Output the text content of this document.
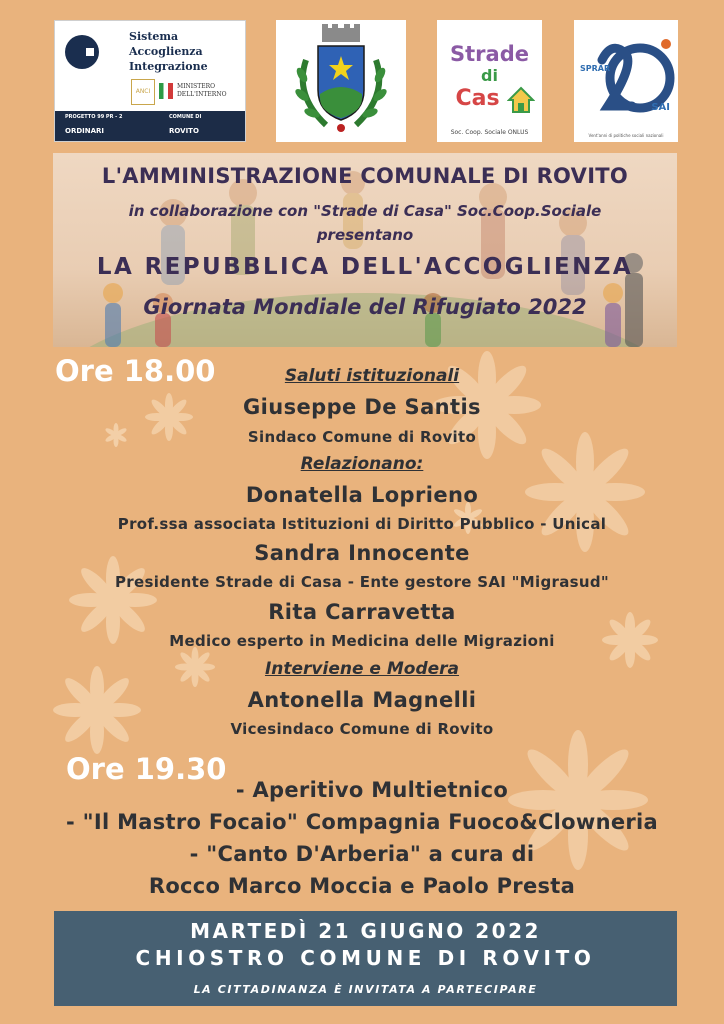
Sistema
Accoglienza
Integrazione
ANCI
MINISTERO
DELL'INTERNO
PROGETTO 99 PR - 2	COMUNE DI
ORDINARI	ROVITO
Strade
di
Cas
Soc. Coop. Sociale ONLUS
SPRAR
SAI
Vent'anni di politiche sociali nazionali
L'AMMINISTRAZIONE COMUNALE DI ROVITO
in collaborazione con "Strade di Casa" Soc.Coop.Sociale
presentano
LA REPUBBLICA DELL'ACCOGLIENZA
Giornata Mondiale del Rifugiato 2022
Ore 18.00	Saluti istituzionali
Giuseppe De Santis
Sindaco Comune di Rovito
Relazionano:
Donatella Loprieno
Prof.ssa associata Istituzioni di Diritto Pubblico - Unical
Sandra Innocente
Presidente Strade di Casa - Ente gestore SAI "Migrasud"
Rita Carravetta
Medico esperto in Medicina delle Migrazioni
Interviene e Modera
Antonella Magnelli
Vicesindaco Comune di Rovito
Ore 19.30
- Aperitivo Multietnico
- "Il Mastro Focaio" Compagnia Fuoco&Clowneria
- "Canto D'Arberia" a cura di
Rocco Marco Moccia e Paolo Presta
MARTEDÌ 21 GIUGNO 2022
CHIOSTRO COMUNE DI ROVITO
LA CITTADINANZA È INVITATA A PARTECIPARE
